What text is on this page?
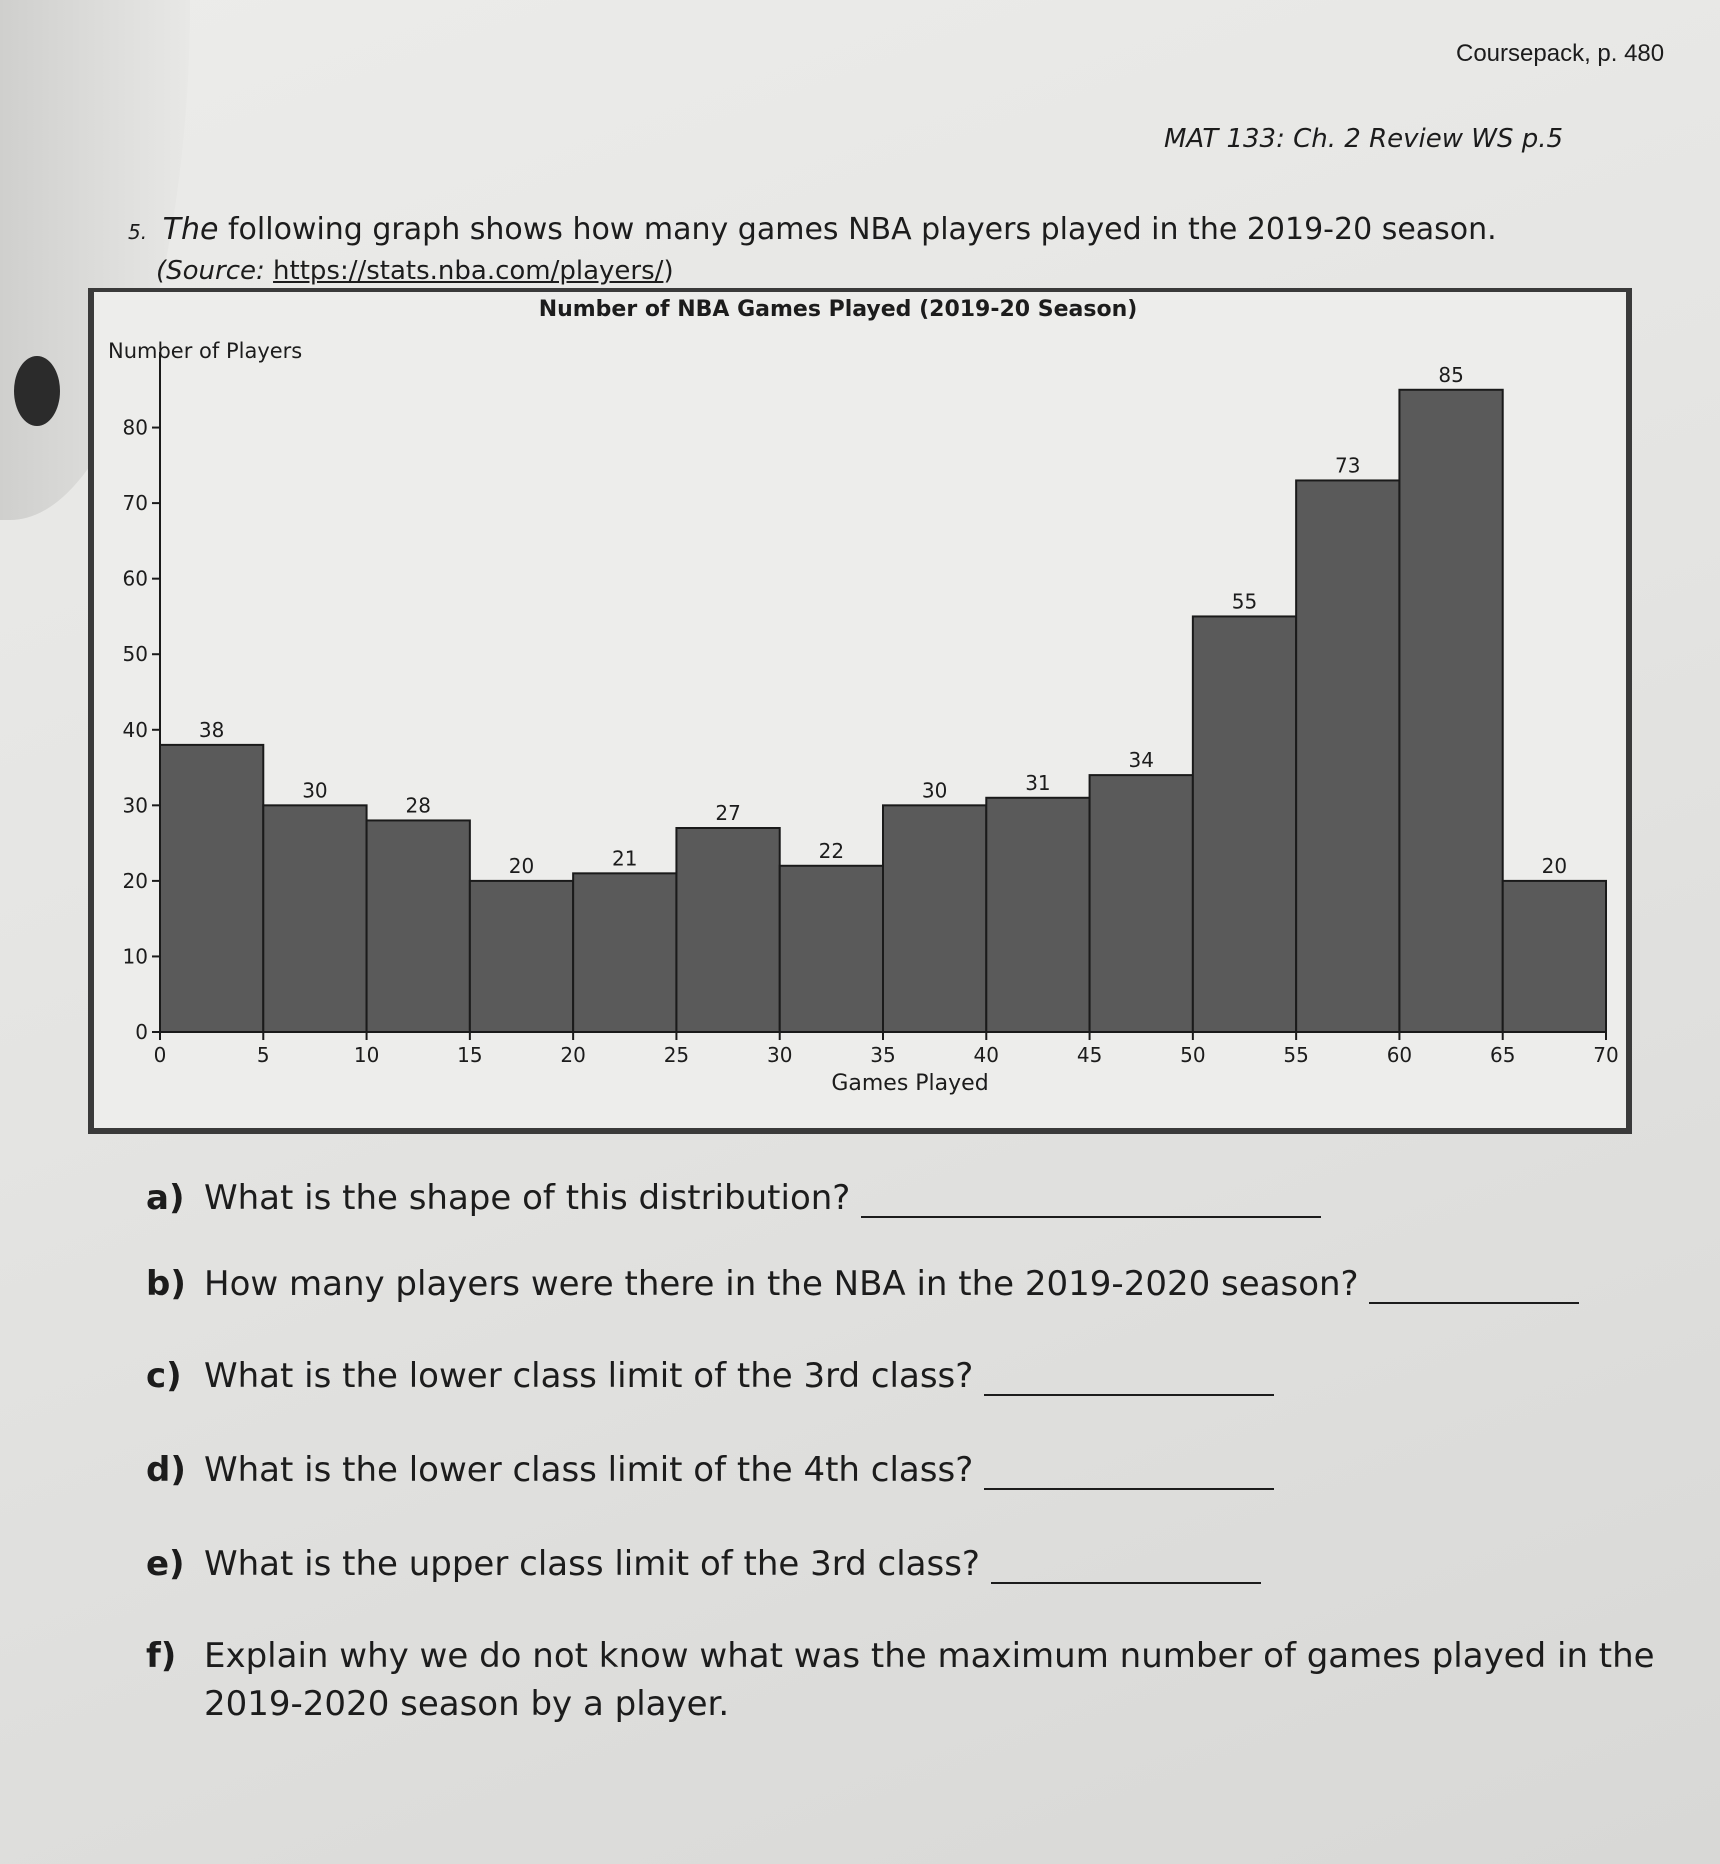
Coursepack, p. 480
MAT 133: Ch. 2 Review WS p.5
5. The following graph shows how many games NBA players played in the 2019-20 season.
(Source: https://stats.nba.com/players/)
Number of NBA Games Played (2019-20 Season)
Number of Players
Games Played
38
30
28
20	21
27
22
30	31
34
55
73
85
20
0
10
20
30
40
50
60
70
80
0	5	10	15	20	25	30	35	40	45	50	55	60	65	70
a) What is the shape of this distribution?
b) How many players were there in the NBA in the 2019-2020 season?
c) What is the lower class limit of the 3rd class?
d) What is the lower class limit of the 4th class?
e) What is the upper class limit of the 3rd class?
f) Explain why we do not know what was the maximum number of games played in the
2019-2020 season by a player.
